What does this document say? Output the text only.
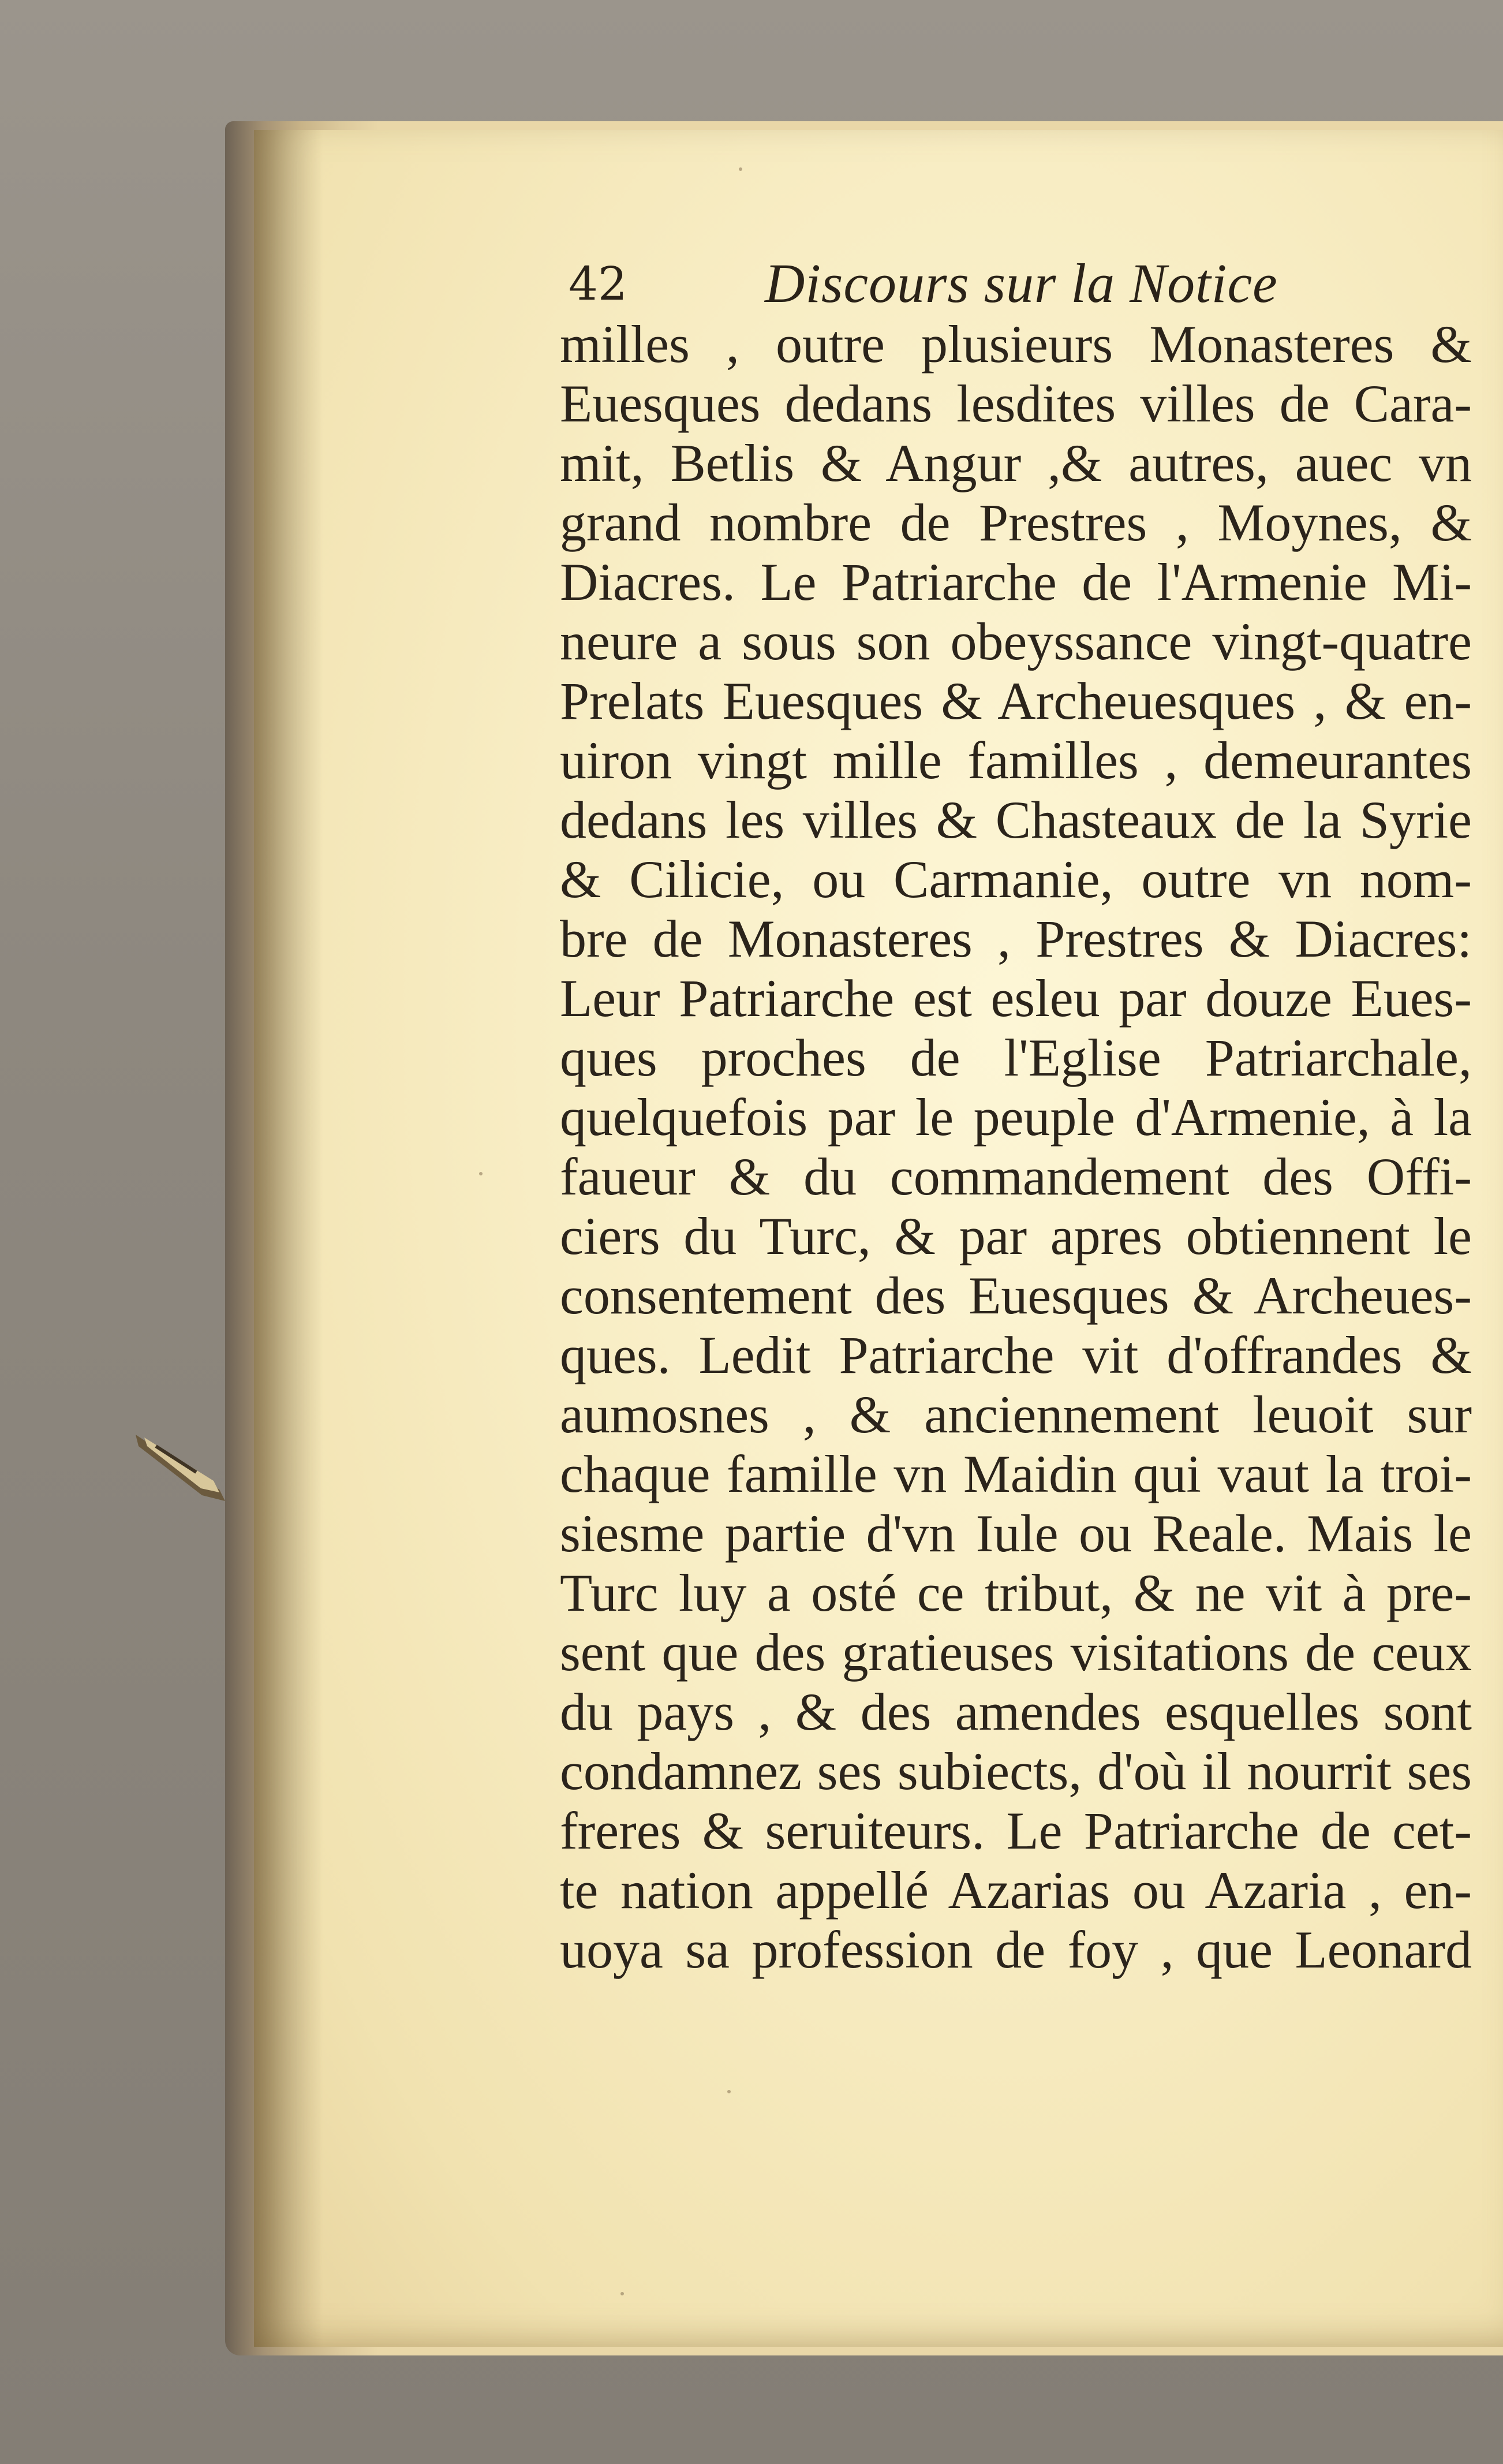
42 Discours sur la Notice
milles , outre plusieurs Monasteres &
Euesques dedans lesdites villes de Cara-
mit, Betlis & Angur ,& autres, auec vn
grand nombre de Prestres , Moynes, &
Diacres. Le Patriarche de l'Armenie Mi-
neure a sous son obeyssance vingt-quatre
Prelats Euesques & Archeuesques , & en-
uiron vingt mille familles , demeurantes
dedans les villes & Chasteaux de la Syrie
& Cilicie, ou Carmanie, outre vn nom-
bre de Monasteres , Prestres & Diacres:
Leur Patriarche est esleu par douze Eues-
ques proches de l'Eglise Patriarchale,
quelquefois par le peuple d'Armenie, à la
faueur & du commandement des Offi-
ciers du Turc, & par apres obtiennent le
consentement des Euesques & Archeues-
ques. Ledit Patriarche vit d'offrandes &
aumosnes , & anciennement leuoit sur
chaque famille vn Maidin qui vaut la troi-
siesme partie d'vn Iule ou Reale. Mais le
Turc luy a osté ce tribut, & ne vit à pre-
sent que des gratieuses visitations de ceux
du pays , & des amendes esquelles sont
condamnez ses subiects, d'où il nourrit ses
freres & seruiteurs. Le Patriarche de cet-
te nation appellé Azarias ou Azaria , en-
uoya sa profession de foy , que Leonard
